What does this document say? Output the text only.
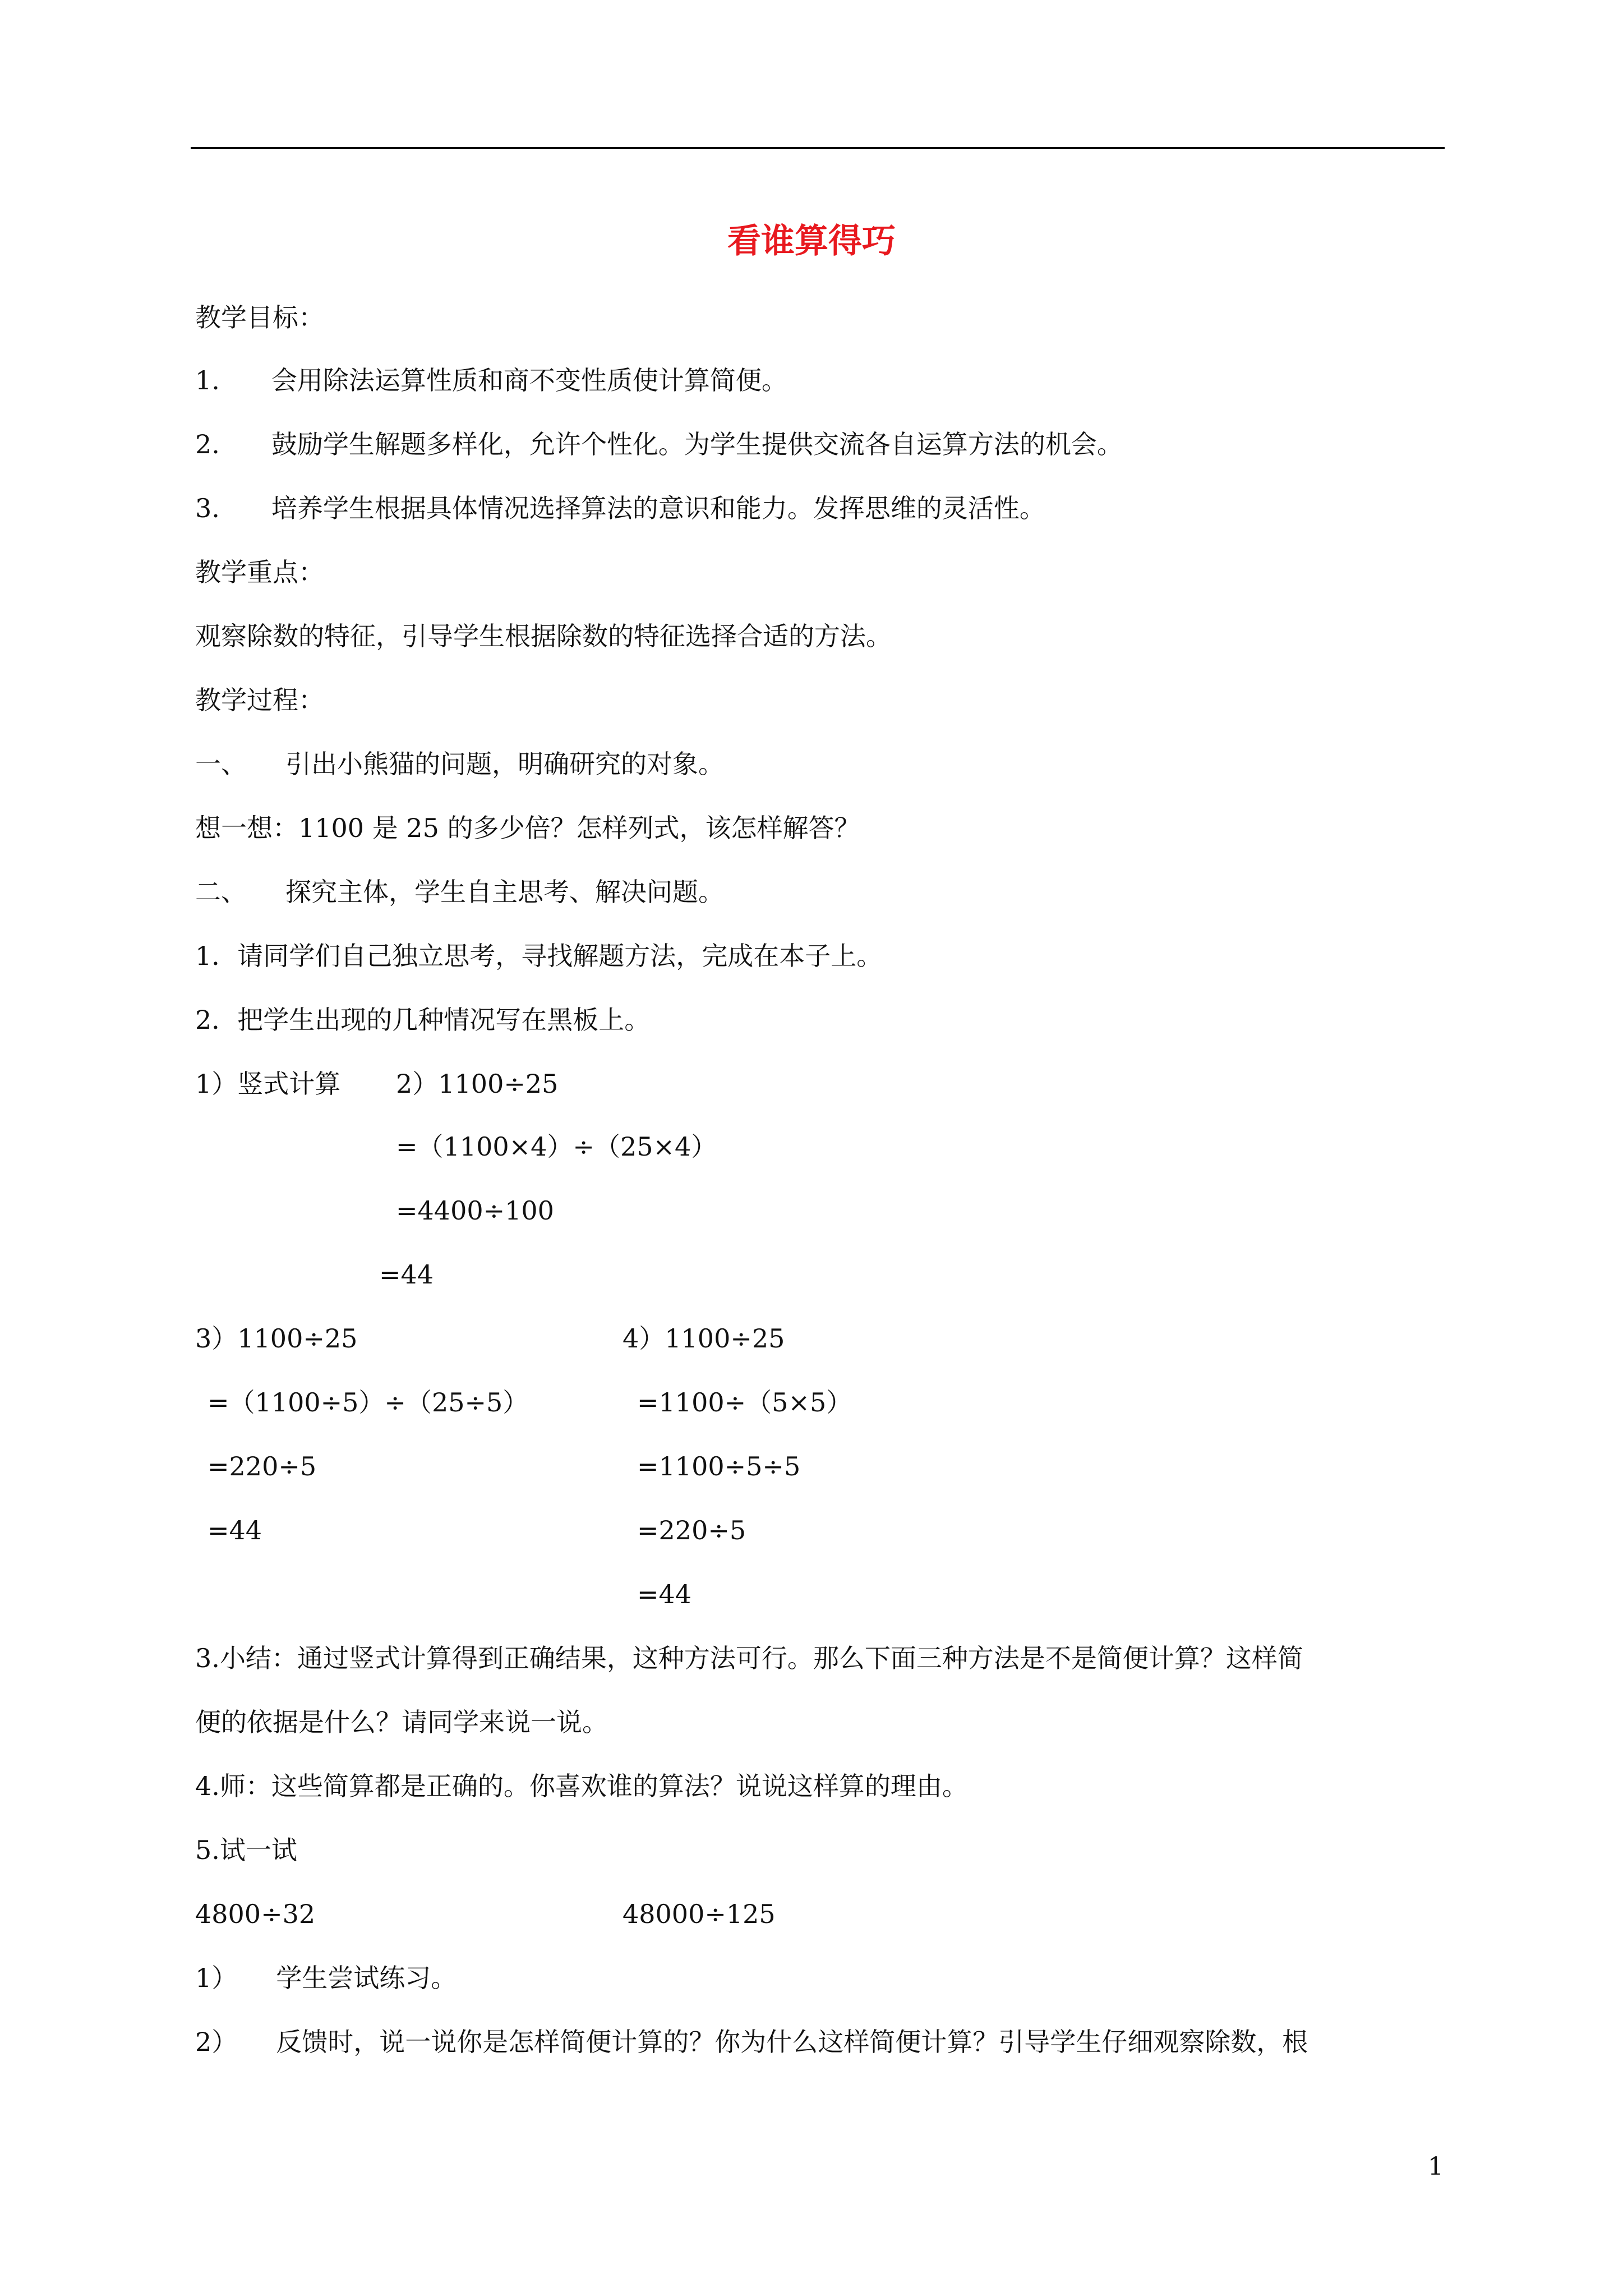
看谁算得巧
教学目标：
1.　　会用除法运算性质和商不变性质使计算简便。
2.　　鼓励学生解题多样化，允许个性化。为学生提供交流各自运算方法的机会。
3.　　培养学生根据具体情况选择算法的意识和能力。发挥思维的灵活性。
教学重点：
观察除数的特征，引导学生根据除数的特征选择合适的方法。
教学过程：
一、　　引出小熊猫的问题，明确研究的对象。
想一想：1100 是 25 的多少倍？怎样列式，该怎样解答？
二、　　探究主体，学生自主思考、解决问题。
1．请同学们自己独立思考，寻找解题方法，完成在本子上。
2．把学生出现的几种情况写在黑板上。
1）竖式计算 2）1100÷25
=（1100×4）÷（25×4）
=4400÷100
=44
3）1100÷25	4）1100÷25
=（1100÷5）÷（25÷5）	=1100÷（5×5）
=220÷5	=1100÷5÷5
=44	=220÷5
=44
3.小结：通过竖式计算得到正确结果，这种方法可行。那么下面三种方法是不是简便计算？这样简
便的依据是什么？请同学来说一说。
4.师：这些简算都是正确的。你喜欢谁的算法？说说这样算的理由。
5.试一试
4800÷32	48000÷125
1）　　学生尝试练习。
2）　　反馈时，说一说你是怎样简便计算的？你为什么这样简便计算？引导学生仔细观察除数，根
1
